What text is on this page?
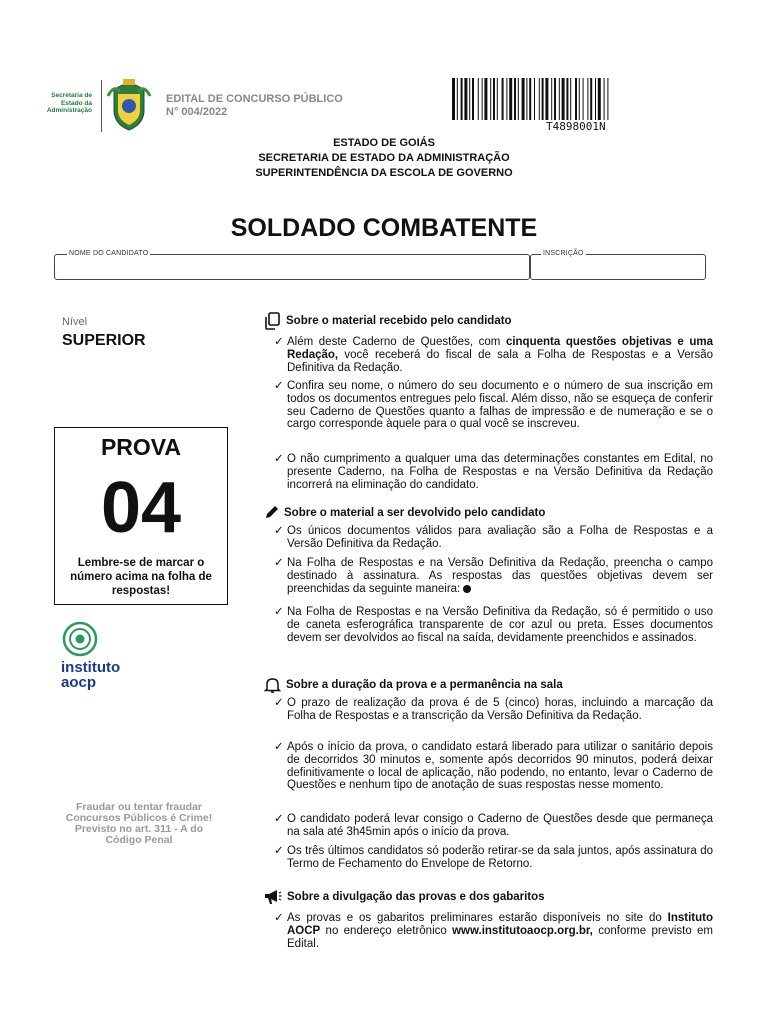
Secretaria de
Estado da
Administração
EDITAL DE CONCURSO PÚBLICO
N° 004/2022
T4898001N
ESTADO DE GOIÁS
SECRETARIA DE ESTADO DA ADMINISTRAÇÃO
SUPERINTENDÊNCIA DA ESCOLA DE GOVERNO
SOLDADO COMBATENTE
NOME DO CANDIDATO	INSCRIÇÃO
Nível
SUPERIOR
PROVA
04
Lembre-se de marcar o número acima na folha de respostas!
instituto
aocp
Fraudar ou tentar fraudar
Concursos Públicos é Crime!
Previsto no art. 311 - A do
Código Penal
Sobre o material recebido pelo candidato
✓ Além deste Caderno de Questões, com cinquenta questões objetivas e uma Redação, você receberá do fiscal de sala a Folha de Respostas e a Versão Definitiva da Redação.
✓ Confira seu nome, o número do seu documento e o número de sua inscrição em todos os documentos entregues pelo fiscal. Além disso, não se esqueça de conferir seu Caderno de Questões quanto a falhas de impressão e de numeração e se o cargo corresponde àquele para o qual você se inscreveu.
✓ O não cumprimento a qualquer uma das determinações constantes em Edital, no presente Caderno, na Folha de Respostas e na Versão Definitiva da Redação incorrerá na eliminação do candidato.
Sobre o material a ser devolvido pelo candidato
✓ Os únicos documentos válidos para avaliação são a Folha de Respostas e a Versão Definitiva da Redação.
✓ Na Folha de Respostas e na Versão Definitiva da Redação, preencha o campo destinado à assinatura. As respostas das questões objetivas devem ser preenchidas da seguinte maneira:
✓ Na Folha de Respostas e na Versão Definitiva da Redação, só é permitido o uso de caneta esferográfica transparente de cor azul ou preta. Esses documentos devem ser devolvidos ao fiscal na saída, devidamente preenchidos e assinados.
Sobre a duração da prova e a permanência na sala
✓ O prazo de realização da prova é de 5 (cinco) horas, incluindo a marcação da Folha de Respostas e a transcrição da Versão Definitiva da Redação.
✓ Após o início da prova, o candidato estará liberado para utilizar o sanitário depois de decorridos 30 minutos e, somente após decorridos 90 minutos, poderá deixar definitivamente o local de aplicação, não podendo, no entanto, levar o Caderno de Questões e nenhum tipo de anotação de suas respostas nesse momento.
✓ O candidato poderá levar consigo o Caderno de Questões desde que permaneça na sala até 3h45min após o início da prova.
✓ Os três últimos candidatos só poderão retirar-se da sala juntos, após assinatura do Termo de Fechamento do Envelope de Retorno.
Sobre a divulgação das provas e dos gabaritos
✓ As provas e os gabaritos preliminares estarão disponíveis no site do Instituto AOCP no endereço eletrônico www.institutoaocp.org.br, conforme previsto em Edital.
